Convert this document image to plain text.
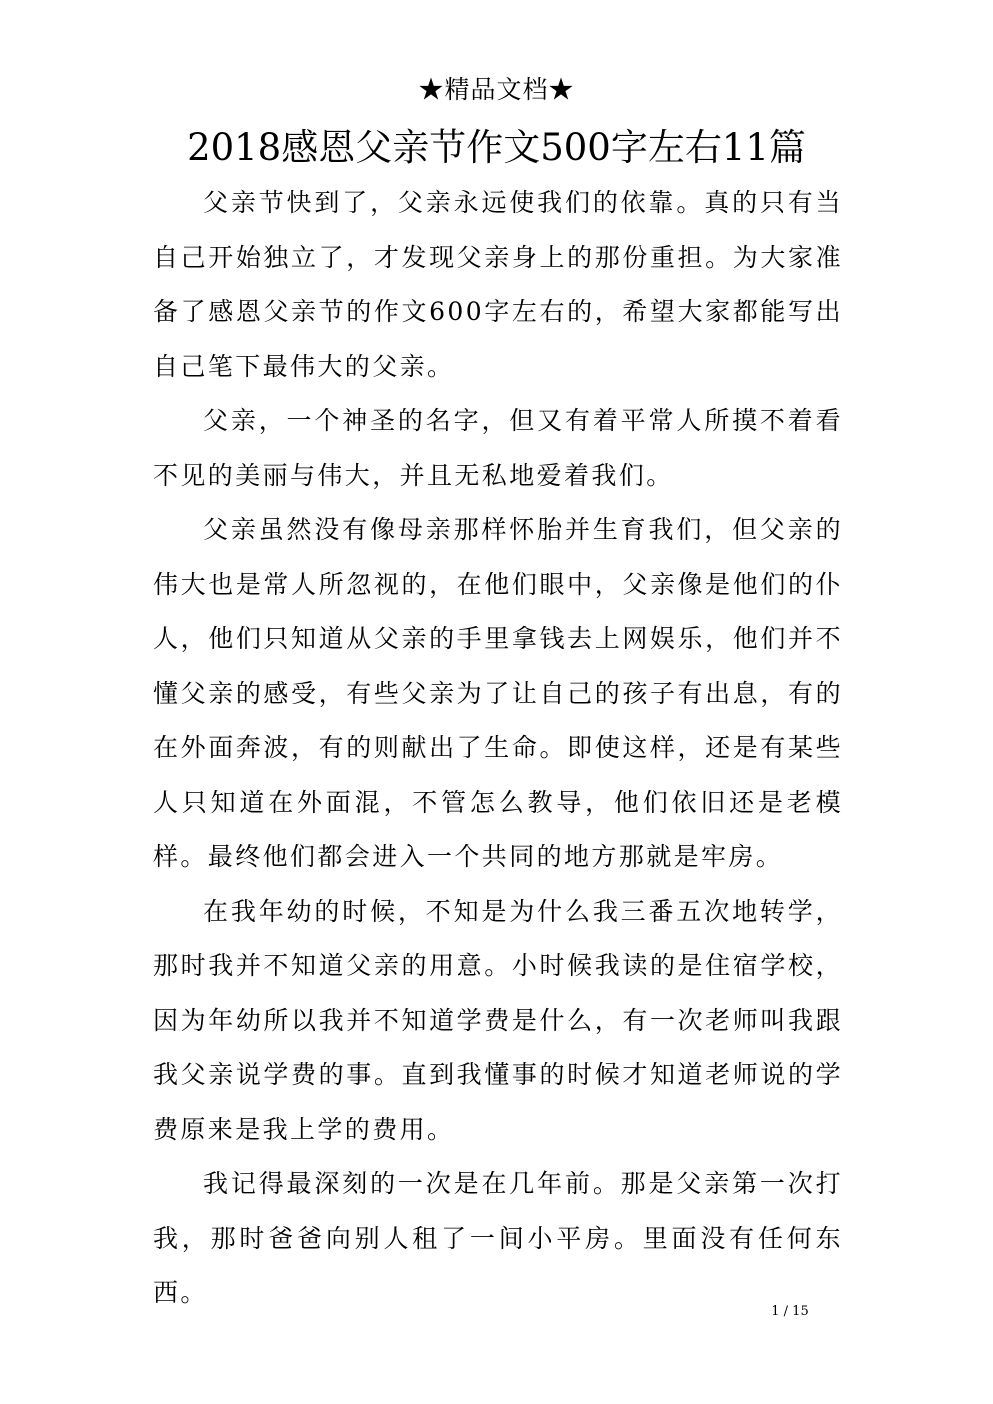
★精品文档★
2018感恩父亲节作文500字左右11篇

父亲节快到了，父亲永远使我们的依靠。真的只有当自己开始独立了，才发现父亲身上的那份重担。为大家准备了感恩父亲节的作文600字左右的，希望大家都能写出自己笔下最伟大的父亲。

父亲，一个神圣的名字，但又有着平常人所摸不着看不见的美丽与伟大，并且无私地爱着我们。

父亲虽然没有像母亲那样怀胎并生育我们，但父亲的伟大也是常人所忽视的，在他们眼中，父亲像是他们的仆人，他们只知道从父亲的手里拿钱去上网娱乐，他们并不懂父亲的感受，有些父亲为了让自己的孩子有出息，有的在外面奔波，有的则献出了生命。即使这样，还是有某些人只知道在外面混，不管怎么教导，他们依旧还是老模样。最终他们都会进入一个共同的地方那就是牢房。

在我年幼的时候，不知是为什么我三番五次地转学，那时我并不知道父亲的用意。小时候我读的是住宿学校，因为年幼所以我并不知道学费是什么，有一次老师叫我跟我父亲说学费的事。直到我懂事的时候才知道老师说的学费原来是我上学的费用。

我记得最深刻的一次是在几年前。那是父亲第一次打我，那时爸爸向别人租了一间小平房。里面没有任何东西。

1 / 15
